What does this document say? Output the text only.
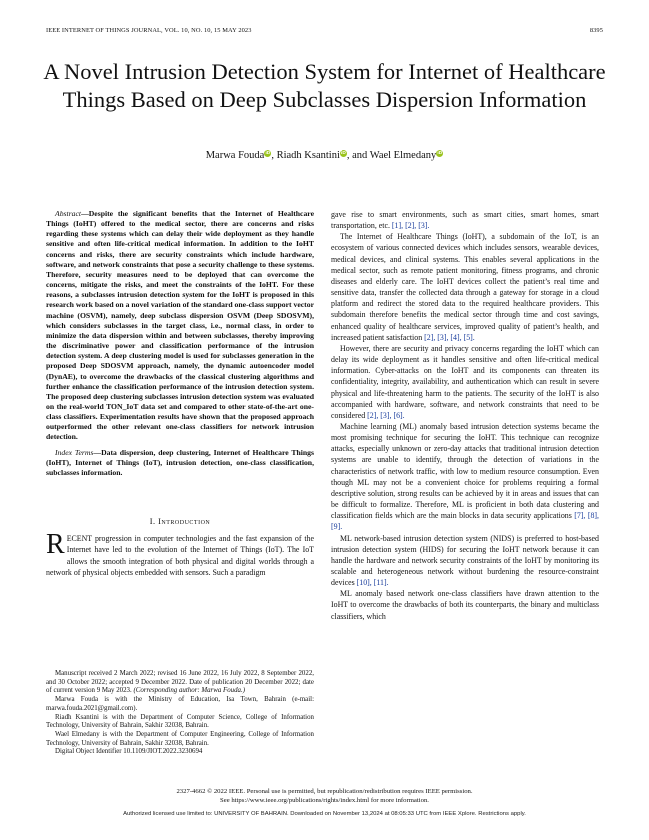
IEEE INTERNET OF THINGS JOURNAL, VOL. 10, NO. 10, 15 MAY 2023	8395
A Novel Intrusion Detection System for Internet of Healthcare Things Based on Deep Subclasses Dispersion Information
Marwa FoudaiD, Riadh KsantiniiD, and Wael ElmedanyiD

Abstract—Despite the significant benefits that the Internet of Healthcare Things (IoHT) offered to the medical sector, there are concerns and risks regarding these systems which can delay their wide deployment as they handle sensitive and often life-critical medical information. In addition to the IoHT concerns and risks, there are security constraints which include hardware, software, and network constraints that pose a security challenge to these systems. Therefore, security measures need to be deployed that can overcome the concerns, mitigate the risks, and meet the constraints of the IoHT. For these reasons, a subclasses intrusion detection system for the IoHT is proposed in this research work based on a novel variation of the standard one-class support vector machine (OSVM), namely, deep subclass dispersion OSVM (Deep SDOSVM), which considers subclasses in the target class, i.e., normal class, in order to minimize the data dispersion within and between subclasses, thereby improving the discriminative power and classification performance of the intrusion detection system. A deep clustering model is used for subclasses generation in the proposed Deep SDOSVM approach, namely, the dynamic autoencoder model (DynAE), to overcome the drawbacks of the classical clustering algorithms and further enhance the classification performance of the intrusion detection system. The proposed deep clustering subclasses intrusion detection system was evaluated on the real-world TON_IoT data set and compared to other state-of-the-art one-class classifiers. Experimentation results have shown that the proposed approach outperformed the other relevant one-class classifiers for network intrusion detection.

Index Terms—Data dispersion, deep clustering, Internet of Healthcare Things (IoHT), Internet of Things (IoT), intrusion detection, one-class classification, subclasses information.

I. Introduction

RECENT progression in computer technologies and the fast expansion of the Internet have led to the evolution of the Internet of Things (IoT). The IoT allows the smooth integration of both physical and digital worlds through a network of physical objects embedded with sensors. Such a paradigm

Manuscript received 2 March 2022; revised 16 June 2022, 16 July 2022, 8 September 2022, and 30 October 2022; accepted 9 December 2022. Date of publication 20 December 2022; date of current version 9 May 2023. (Corresponding author: Marwa Fouda.)

Marwa Fouda is with the Ministry of Education, Isa Town, Bahrain (e-mail: marwa.fouda.2021@gmail.com).

Riadh Ksantini is with the Department of Computer Science, College of Information Technology, University of Bahrain, Sakhir 32038, Bahrain.

Wael Elmedany is with the Department of Computer Engineering, College of Information Technology, University of Bahrain, Sakhir 32038, Bahrain.

Digital Object Identifier 10.1109/JIOT.2022.3230694

gave rise to smart environments, such as smart cities, smart homes, smart transportation, etc. [1], [2], [3].

The Internet of Healthcare Things (IoHT), a subdomain of the IoT, is an ecosystem of various connected devices which includes sensors, wearable devices, medical devices, and clinical systems. This enables several applications in the medical sector, such as remote patient monitoring, fitness programs, and chronic diseases and elderly care. The IoHT devices collect the patient’s real time and sensitive data, transfer the collected data through a gateway for storage in a cloud platform and redirect the stored data to the required healthcare providers. This subdomain therefore benefits the medical sector through time and cost savings, enhanced quality of healthcare services, improved quality of patient’s health, and increased patient satisfaction [2], [3], [4], [5].

However, there are security and privacy concerns regarding the IoHT which can delay its wide deployment as it handles sensitive and often life-critical medical information. Cyber-attacks on the IoHT and its components can threaten its confidentiality, integrity, availability, and authentication which can result in severe physical and life-threatening harm to the patients. The security of the IoHT is also accompanied with hardware, software, and network constraints that need to be considered [2], [3], [6].

Machine learning (ML) anomaly based intrusion detection systems became the most promising technique for securing the IoHT. This technique can recognize attacks, especially unknown or zero-day attacks that traditional intrusion detection systems are unable to identify, through the detection of variations in the characteristics of network traffic, with low to medium resource consumption. Even though ML may not be a convenient choice for problems requiring a formal descriptive solution, strong results can be achieved by it in areas and issues that can be difficult to formalize. Therefore, ML is proficient in both data clustering and classification fields which are the main blocks in data security applications [7], [8], [9].

ML network-based intrusion detection system (NIDS) is preferred to host-based intrusion detection system (HIDS) for securing the IoHT network because it can handle the hardware and network security constraints of the IoHT by monitoring its scalable and heterogeneous network without burdening the resource-constraint devices [10], [11].

ML anomaly based network one-class classifiers have drawn attention to the IoHT to overcome the drawbacks of both its counterparts, the binary and multiclass classifiers, which

2327-4662 © 2022 IEEE. Personal use is permitted, but republication/redistribution requires IEEE permission.
See https://www.ieee.org/publications/rights/index.html for more information.
Authorized licensed use limited to: UNIVERSITY OF BAHRAIN. Downloaded on November 13,2024 at 08:05:33 UTC from IEEE Xplore. Restrictions apply.
